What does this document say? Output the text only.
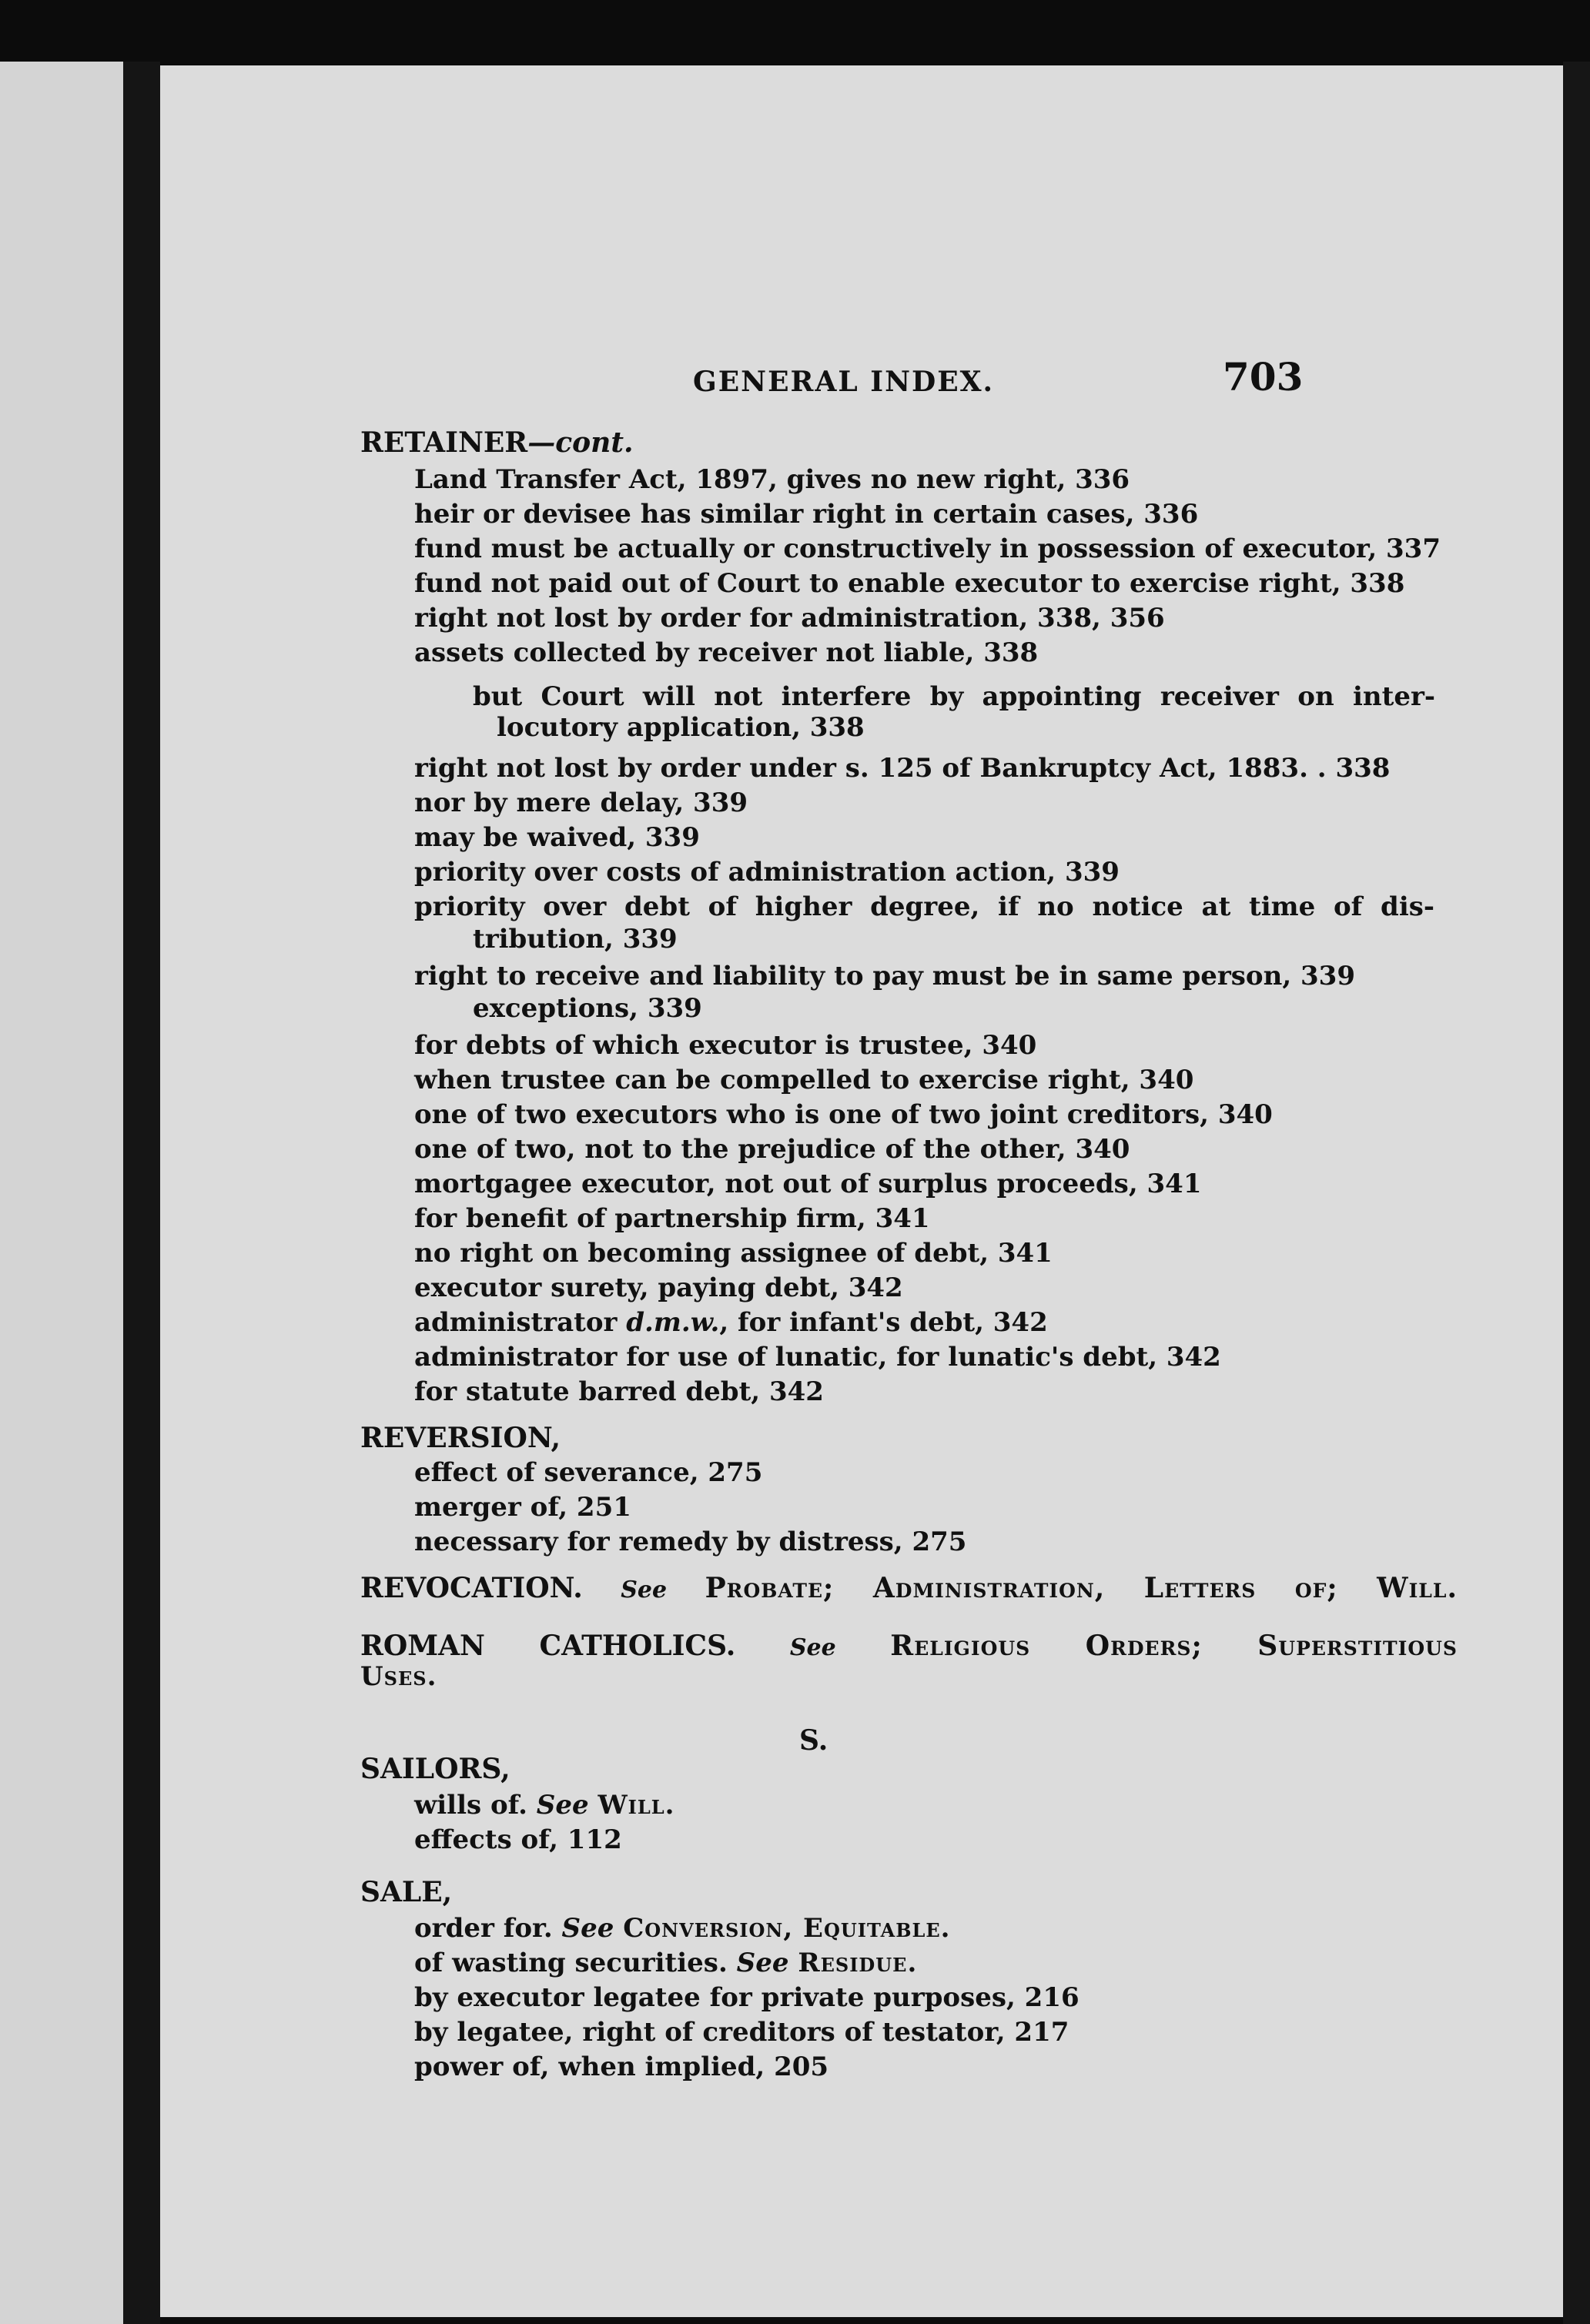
GENERAL INDEX.	703
RETAINER—cont.
Land Transfer Act, 1897, gives no new right, 336
heir or devisee has similar right in certain cases, 336
fund must be actually or constructively in possession of executor, 337
fund not paid out of Court to enable executor to exercise right, 338
right not lost by order for administration, 338, 356
assets collected by receiver not liable, 338
but Court will not interfere by appointing receiver on inter-
locutory application, 338
right not lost by order under s. 125 of Bankruptcy Act, 1883. . 338
nor by mere delay, 339
may be waived, 339
priority over costs of administration action, 339
priority over debt of higher degree, if no notice at time of dis-
tribution, 339
right to receive and liability to pay must be in same person, 339
exceptions, 339
for debts of which executor is trustee, 340
when trustee can be compelled to exercise right, 340
one of two executors who is one of two joint creditors, 340
one of two, not to the prejudice of the other, 340
mortgagee executor, not out of surplus proceeds, 341
for benefit of partnership firm, 341
no right on becoming assignee of debt, 341
executor surety, paying debt, 342
administrator d.m.w., for infant's debt, 342
administrator for use of lunatic, for lunatic's debt, 342
for statute barred debt, 342
REVERSION,
effect of severance, 275
merger of, 251
necessary for remedy by distress, 275
REVOCATION. See Probate; Administration, Letters of; Will.
ROMAN CATHOLICS. See Religious Orders; Superstitious
Uses.
S.
SAILORS,
wills of. See Will.
effects of, 112
SALE,
order for. See Conversion, Equitable.
of wasting securities. See Residue.
by executor legatee for private purposes, 216
by legatee, right of creditors of testator, 217
power of, when implied, 205
